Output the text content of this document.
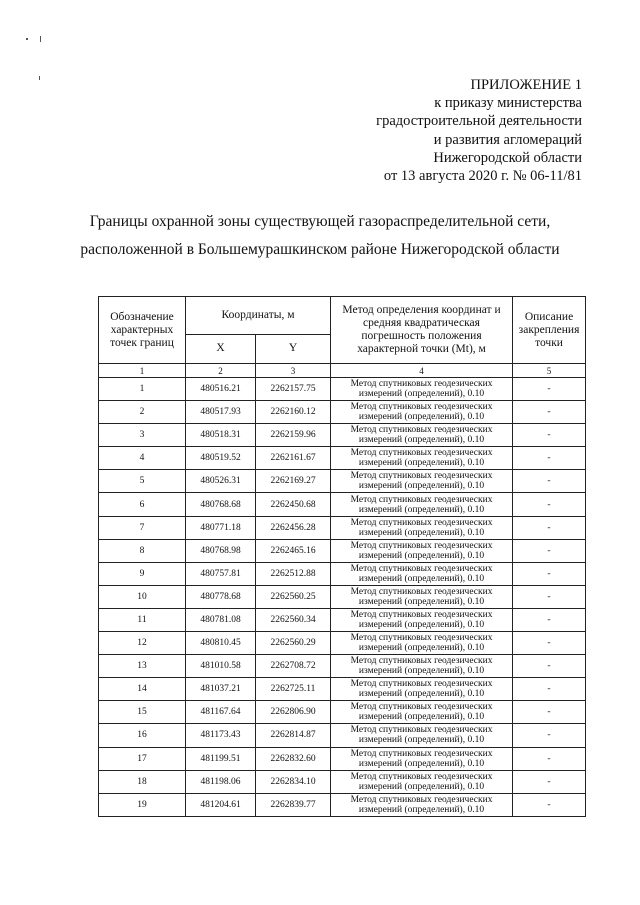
ПРИЛОЖЕНИЕ 1
к приказу министерства
градостроительной деятельности
и развития агломераций
Нижегородской области
от 13 августа 2020 г. № 06-11/81
Границы охранной зоны существующей газораспределительной сети,
расположенной в Большемурашкинском районе Нижегородской области
Обозначение характерных точек границ	Координаты, м		Метод определения координат и средняя квадратическая погрешность положения характерной точки (Mt), м	Описание закрепления точки
	X	Y		
1	2	3	4	5
1	480516.21	2262157.75	Метод спутниковых геодезических измерений (определений), 0.10	-
2	480517.93	2262160.12	Метод спутниковых геодезических измерений (определений), 0.10	-
3	480518.31	2262159.96	Метод спутниковых геодезических измерений (определений), 0.10	-
4	480519.52	2262161.67	Метод спутниковых геодезических измерений (определений), 0.10	-
5	480526.31	2262169.27	Метод спутниковых геодезических измерений (определений), 0.10	-
6	480768.68	2262450.68	Метод спутниковых геодезических измерений (определений), 0.10	-
7	480771.18	2262456.28	Метод спутниковых геодезических измерений (определений), 0.10	-
8	480768.98	2262465.16	Метод спутниковых геодезических измерений (определений), 0.10	-
9	480757.81	2262512.88	Метод спутниковых геодезических измерений (определений), 0.10	-
10	480778.68	2262560.25	Метод спутниковых геодезических измерений (определений), 0.10	-
11	480781.08	2262560.34	Метод спутниковых геодезических измерений (определений), 0.10	-
12	480810.45	2262560.29	Метод спутниковых геодезических измерений (определений), 0.10	-
13	481010.58	2262708.72	Метод спутниковых геодезических измерений (определений), 0.10	-
14	481037.21	2262725.11	Метод спутниковых геодезических измерений (определений), 0.10	-
15	481167.64	2262806.90	Метод спутниковых геодезических измерений (определений), 0.10	-
16	481173.43	2262814.87	Метод спутниковых геодезических измерений (определений), 0.10	-
17	481199.51	2262832.60	Метод спутниковых геодезических измерений (определений), 0.10	-
18	481198.06	2262834.10	Метод спутниковых геодезических измерений (определений), 0.10	-
19	481204.61	2262839.77	Метод спутниковых геодезических измерений (определений), 0.10	-
